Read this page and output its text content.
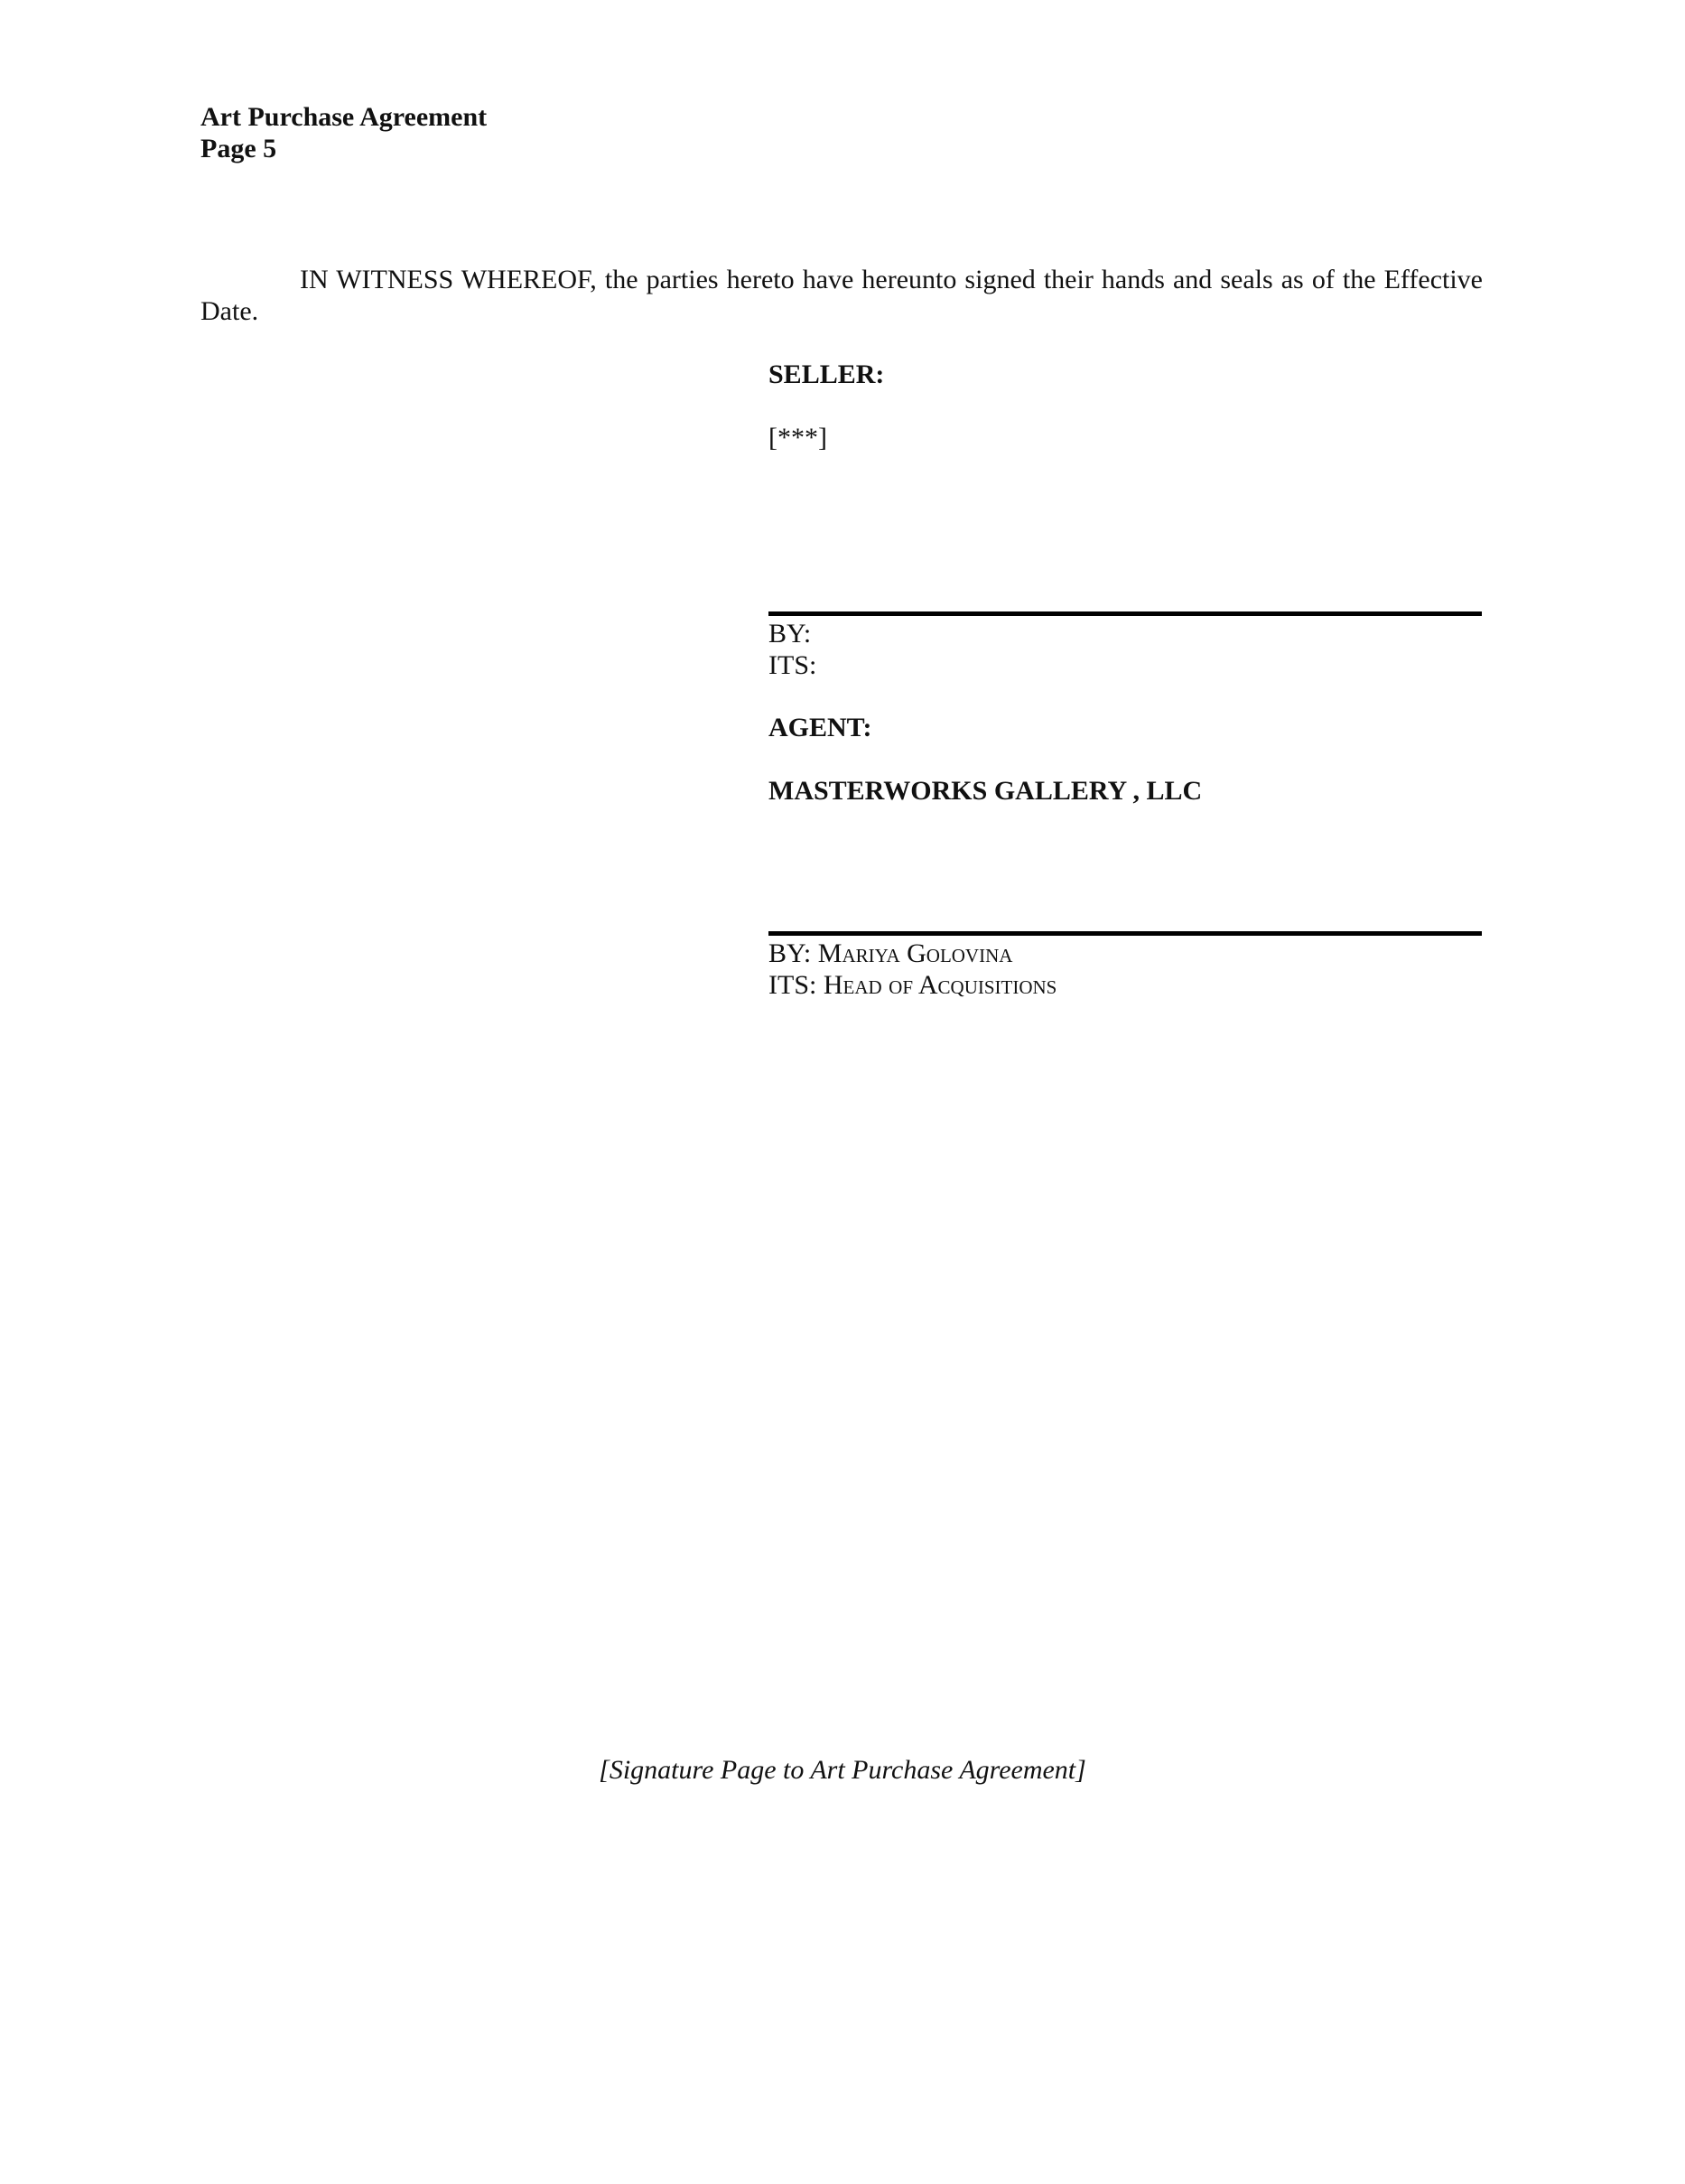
Art Purchase Agreement
Page 5
IN WITNESS WHEREOF, the parties hereto have hereunto signed their hands and seals as of the Effective Date.
SELLER:
[***]
BY:
ITS:
AGENT:
MASTERWORKS GALLERY , LLC
BY: Mariya Golovina
ITS: Head of Acquisitions
[Signature Page to Art Purchase Agreement]
